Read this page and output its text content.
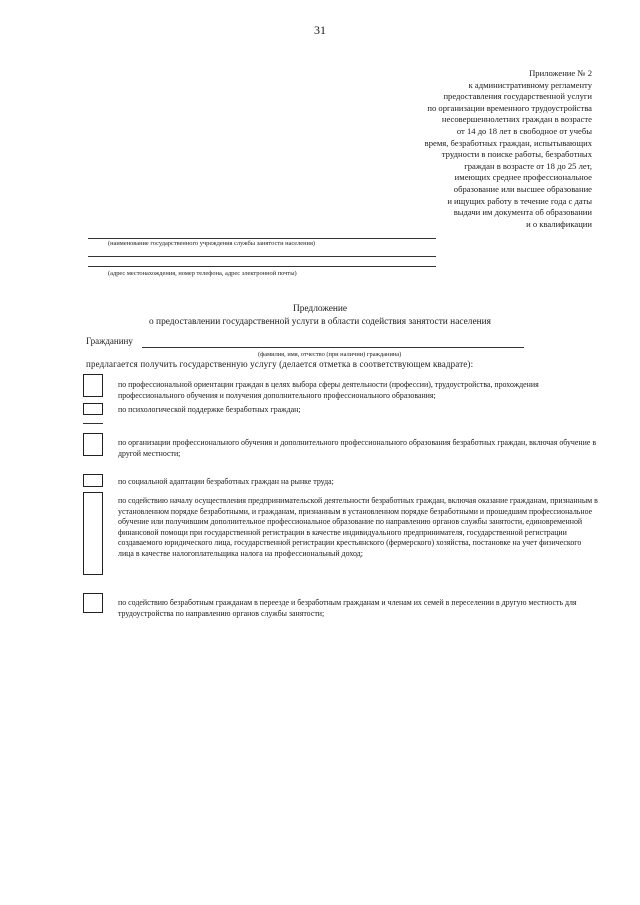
31
Приложение № 2
к административному регламенту
предоставления государственной услуги
по организации временного трудоустройства
несовершеннолетних граждан в возрасте
от 14 до 18 лет в свободное от учебы
время, безработных граждан, испытывающих
трудности в поиске работы, безработных
граждан в возрасте от 18 до 25 лет,
имеющих среднее профессиональное
образование или высшее образование
и ищущих работу в течение года с даты
выдачи им документа об образовании
и о квалификации
(наименование государственного учреждения службы занятости населения)
(адрес местонахождения, номер телефона, адрес электронной почты)
Предложение
о предоставлении государственной услуги в области содействия занятости населения
Гражданину
(фамилия, имя, отчество (при наличии) гражданина)
предлагается получить государственную услугу (делается отметка в соответствующем квадрате):
по профессиональной ориентации граждан в целях выбора сферы деятельности (профессии), трудоустройства, прохождения профессионального обучения и получения дополнительного профессионального образования;
по психологической поддержке безработных граждан;
по организации профессионального обучения и дополнительного профессионального образования безработных граждан, включая обучение в другой местности;
по социальной адаптации безработных граждан на рынке труда;
по содействию началу осуществления предпринимательской деятельности безработных граждан, включая оказание гражданам, признанным в установленном порядке безработными, и гражданам, признанным в установленном порядке безработными и прошедшим профессиональное обучение или получившим дополнительное профессиональное образование по направлению органов службы занятости, единовременной финансовой помощи при государственной регистрации в качестве индивидуального предпринимателя, государственной регистрации создаваемого юридического лица, государственной регистрации крестьянского (фермерского) хозяйства, постановке на учет физического лица в качестве налогоплательщика налога на профессиональный доход;
по содействию безработным гражданам в переезде и безработным гражданам и членам их семей в переселении в другую местность для трудоустройства по направлению органов службы занятости;
